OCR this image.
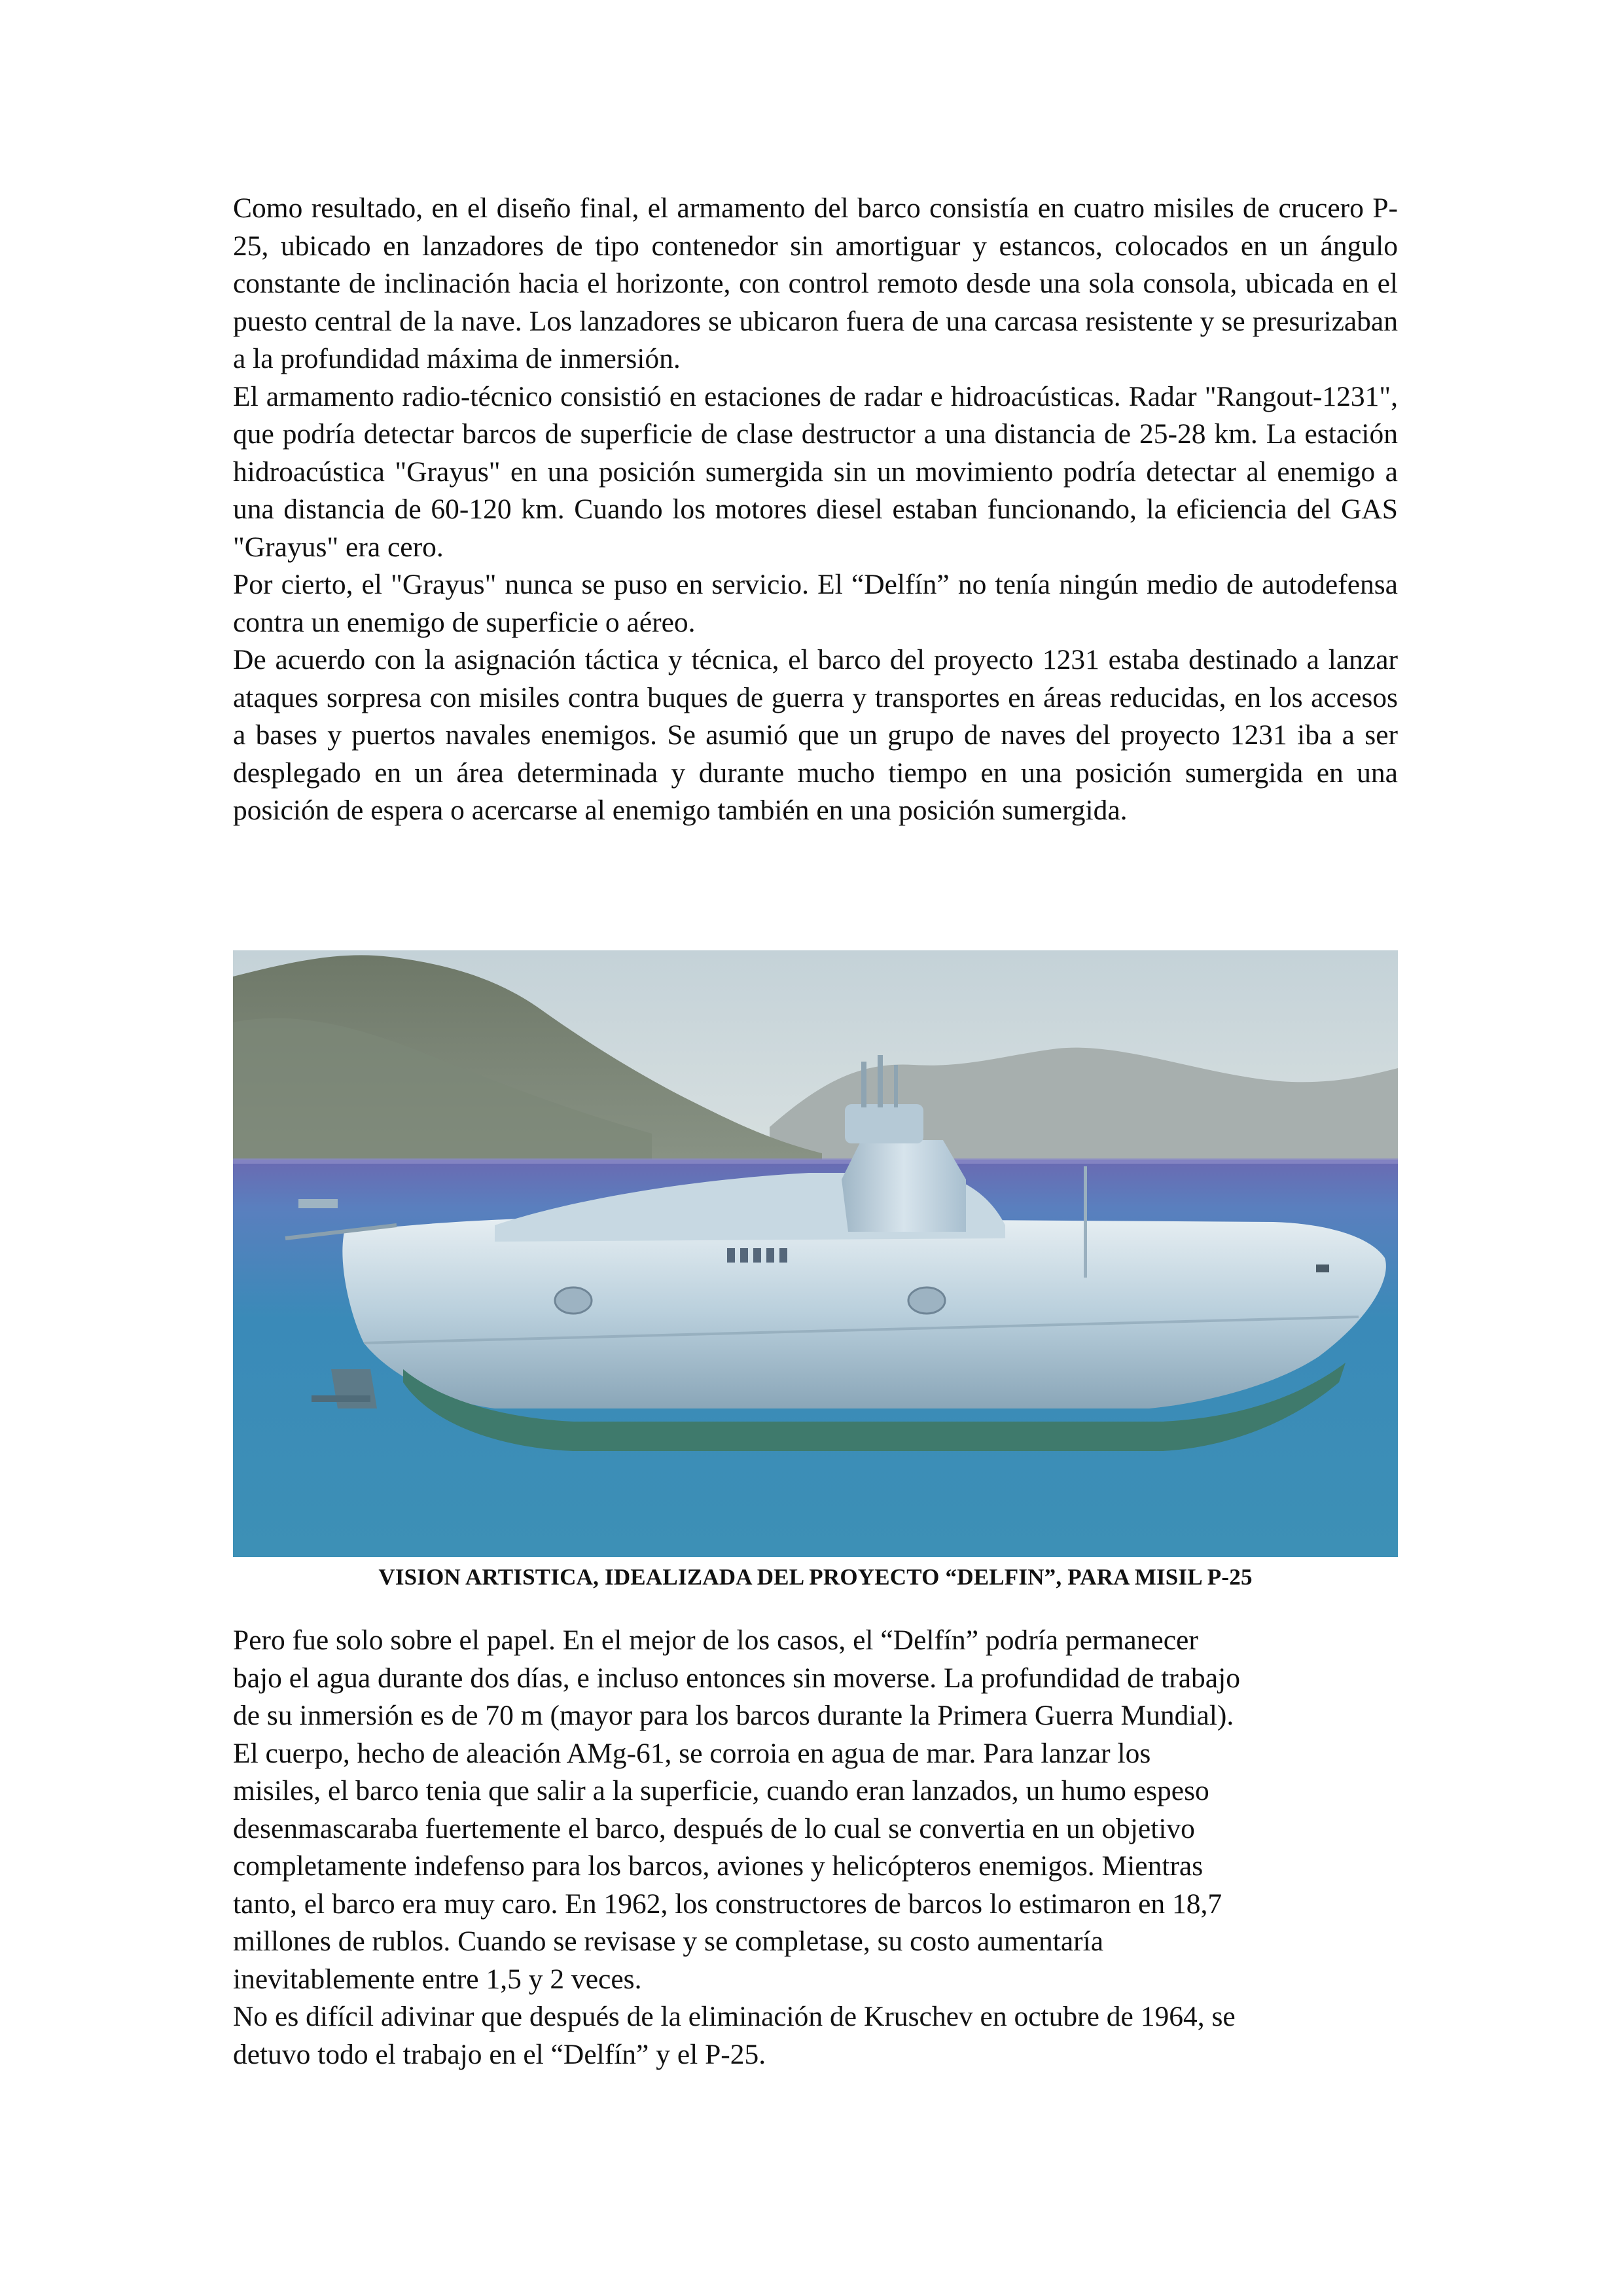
Como resultado, en el diseño final, el armamento del barco consistía en cuatro misiles de crucero P-25, ubicado en lanzadores de tipo contenedor sin amortiguar y estancos, colocados en un ángulo constante de inclinación hacia el horizonte, con control remoto desde una sola consola, ubicada en el puesto central de la nave. Los lanzadores se ubicaron fuera de una carcasa resistente y se presurizaban a la profundidad máxima de inmersión.

El armamento radio-técnico consistió en estaciones de radar e hidroacústicas. Radar "Rangout-1231", que podría detectar barcos de superficie de clase destructor a una distancia de 25-28 km. La estación hidroacústica "Grayus" en una posición sumergida sin un movimiento podría detectar al enemigo a una distancia de 60-120 km. Cuando los motores diesel estaban funcionando, la eficiencia del GAS "Grayus" era cero.

Por cierto, el "Grayus" nunca se puso en servicio. El “Delfín” no tenía ningún medio de autodefensa contra un enemigo de superficie o aéreo.

De acuerdo con la asignación táctica y técnica, el barco del proyecto 1231 estaba destinado a lanzar ataques sorpresa con misiles contra buques de guerra y transportes en áreas reducidas, en los accesos a bases y puertos navales enemigos. Se asumió que un grupo de naves del proyecto 1231 iba a ser desplegado en un área determinada y durante mucho tiempo en una posición sumergida en una posición de espera o acercarse al enemigo también en una posición sumergida.

VISION ARTISTICA, IDEALIZADA DEL PROYECTO “DELFIN”, PARA MISIL P-25

Pero fue solo sobre el papel. En el mejor de los casos, el “Delfín” podría permanecer

bajo el agua durante dos días, e incluso entonces sin moverse. La profundidad de trabajo

de su inmersión es de 70 m (mayor para los barcos durante la Primera Guerra Mundial).

El cuerpo, hecho de aleación AMg-61, se corroia en agua de mar. Para lanzar los

misiles, el barco tenia que salir a la superficie, cuando eran lanzados, un humo espeso

desenmascaraba fuertemente el barco, después de lo cual se convertia en un objetivo

completamente indefenso para los barcos, aviones y helicópteros enemigos. Mientras

tanto, el barco era muy caro. En 1962, los constructores de barcos lo estimaron en 18,7

millones de rublos. Cuando se revisase y se completase, su costo aumentaría

inevitablemente entre 1,5 y 2 veces.

No es difícil adivinar que después de la eliminación de Kruschev en octubre de 1964, se

detuvo todo el trabajo en el “Delfín” y el P-25.
